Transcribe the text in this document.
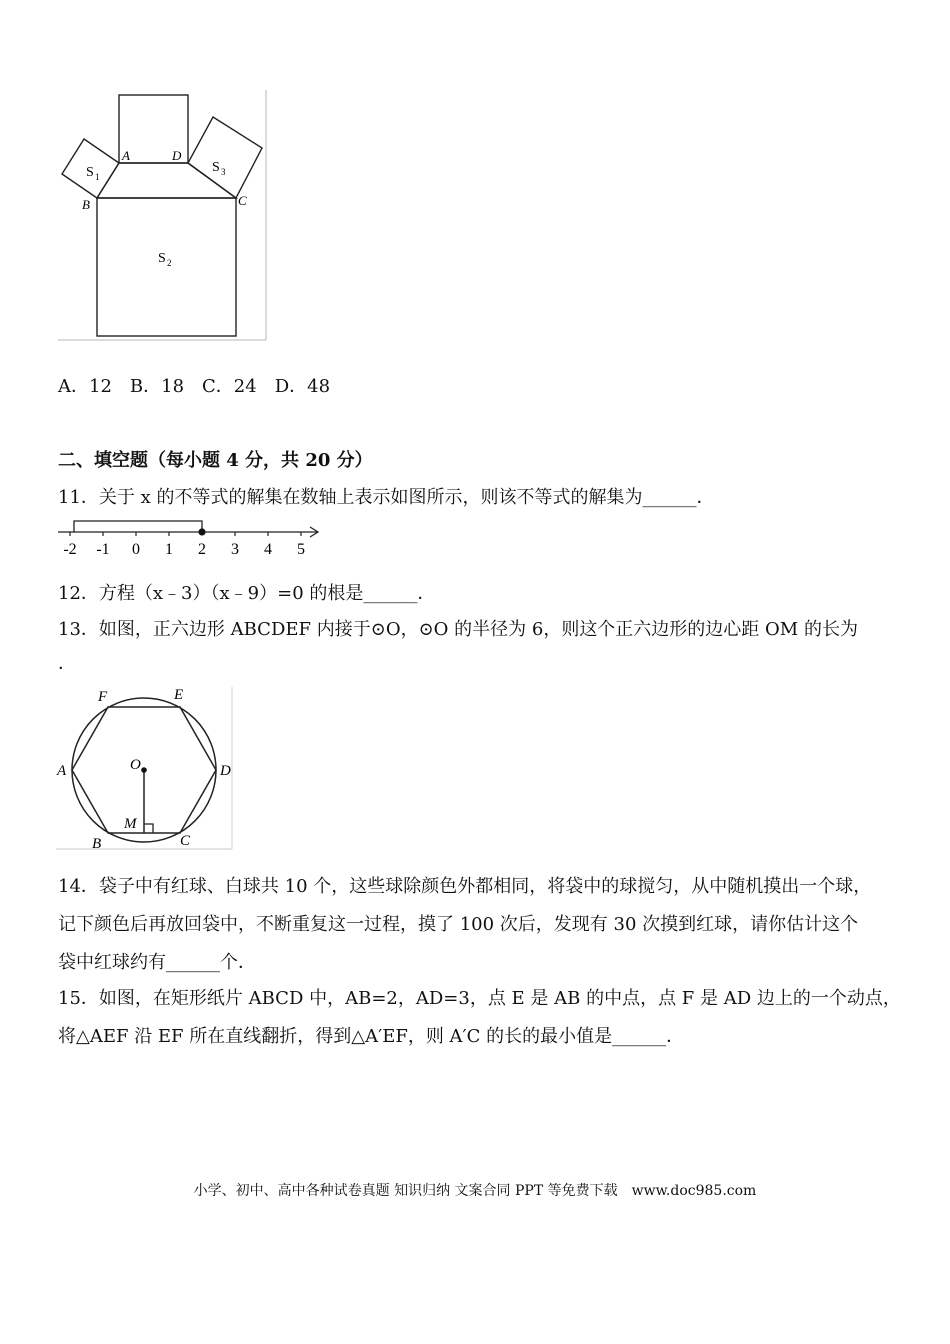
A	D
B	C
S 1
S 3
S 2
A．12　B．18　C．24　D．48
二、填空题（每小题 4 分，共 20 分）
11．关于 x 的不等式的解集在数轴上表示如图所示，则该不等式的解集为______．
-2 -1 0 1 2 3 4 5
12．方程（x﹣3）（x﹣9）=0 的根是______．
13．如图，正六边形 ABCDEF 内接于⊙O，⊙O 的半径为 6，则这个正六边形的边心距 OM 的长为
．
F	E
A	D
O
M
B	C
14．袋子中有红球、白球共 10 个，这些球除颜色外都相同，将袋中的球搅匀，从中随机摸出一个球，
记下颜色后再放回袋中，不断重复这一过程，摸了 100 次后，发现有 30 次摸到红球，请你估计这个
袋中红球约有______个．
15．如图，在矩形纸片 ABCD 中，AB=2，AD=3，点 E 是 AB 的中点，点 F 是 AD 边上的一个动点，
将△AEF 沿 EF 所在直线翻折，得到△A′EF，则 A′C 的长的最小值是______．
小学、初中、高中各种试卷真题 知识归纳 文案合同 PPT 等免费下载　www.doc985.com
